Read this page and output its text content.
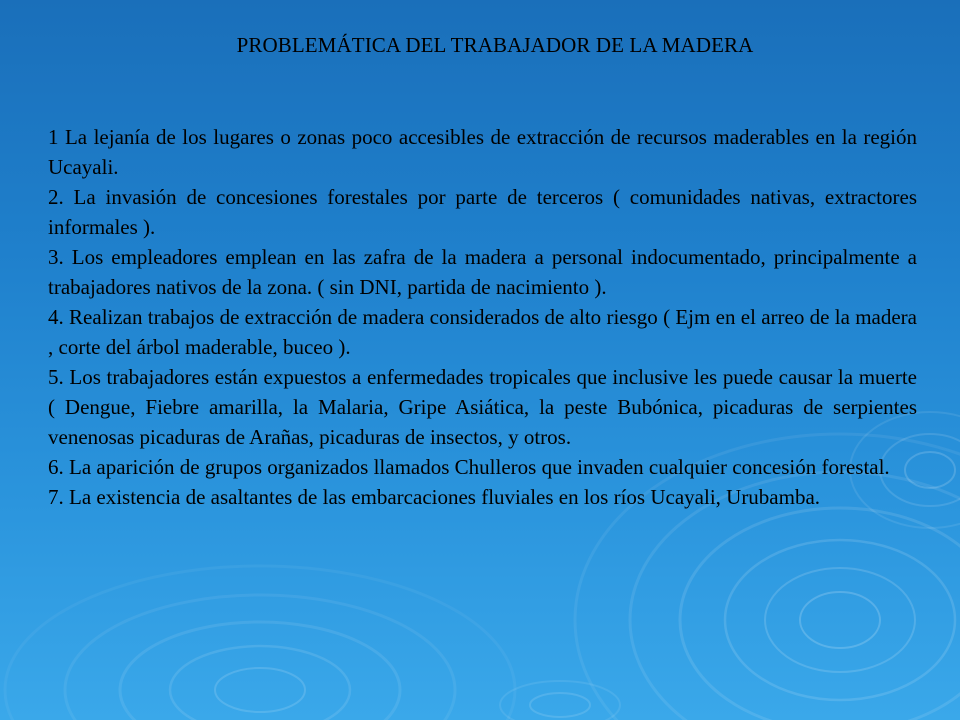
PROBLEMÁTICA DEL TRABAJADOR DE LA MADERA

1 La lejanía de los lugares o zonas poco accesibles de extracción de recursos maderables en la región Ucayali.

2. La invasión de concesiones forestales por parte de terceros ( comunidades nativas, extractores informales ).

3. Los empleadores emplean en las zafra de la madera a personal indocumentado, principalmente a trabajadores nativos de la zona. ( sin DNI, partida de nacimiento ).

4. Realizan trabajos de extracción de madera considerados de alto riesgo ( Ejm en el arreo de la madera , corte del árbol maderable, buceo ).

5. Los trabajadores están expuestos a enfermedades tropicales que inclusive les puede causar la muerte ( Dengue, Fiebre amarilla, la Malaria, Gripe Asiática, la peste Bubónica, picaduras de serpientes venenosas picaduras de Arañas, picaduras de insectos, y otros.

6. La aparición de grupos organizados llamados Chulleros que invaden cualquier concesión forestal.

7. La existencia de asaltantes de las embarcaciones fluviales en los ríos Ucayali, Urubamba.
